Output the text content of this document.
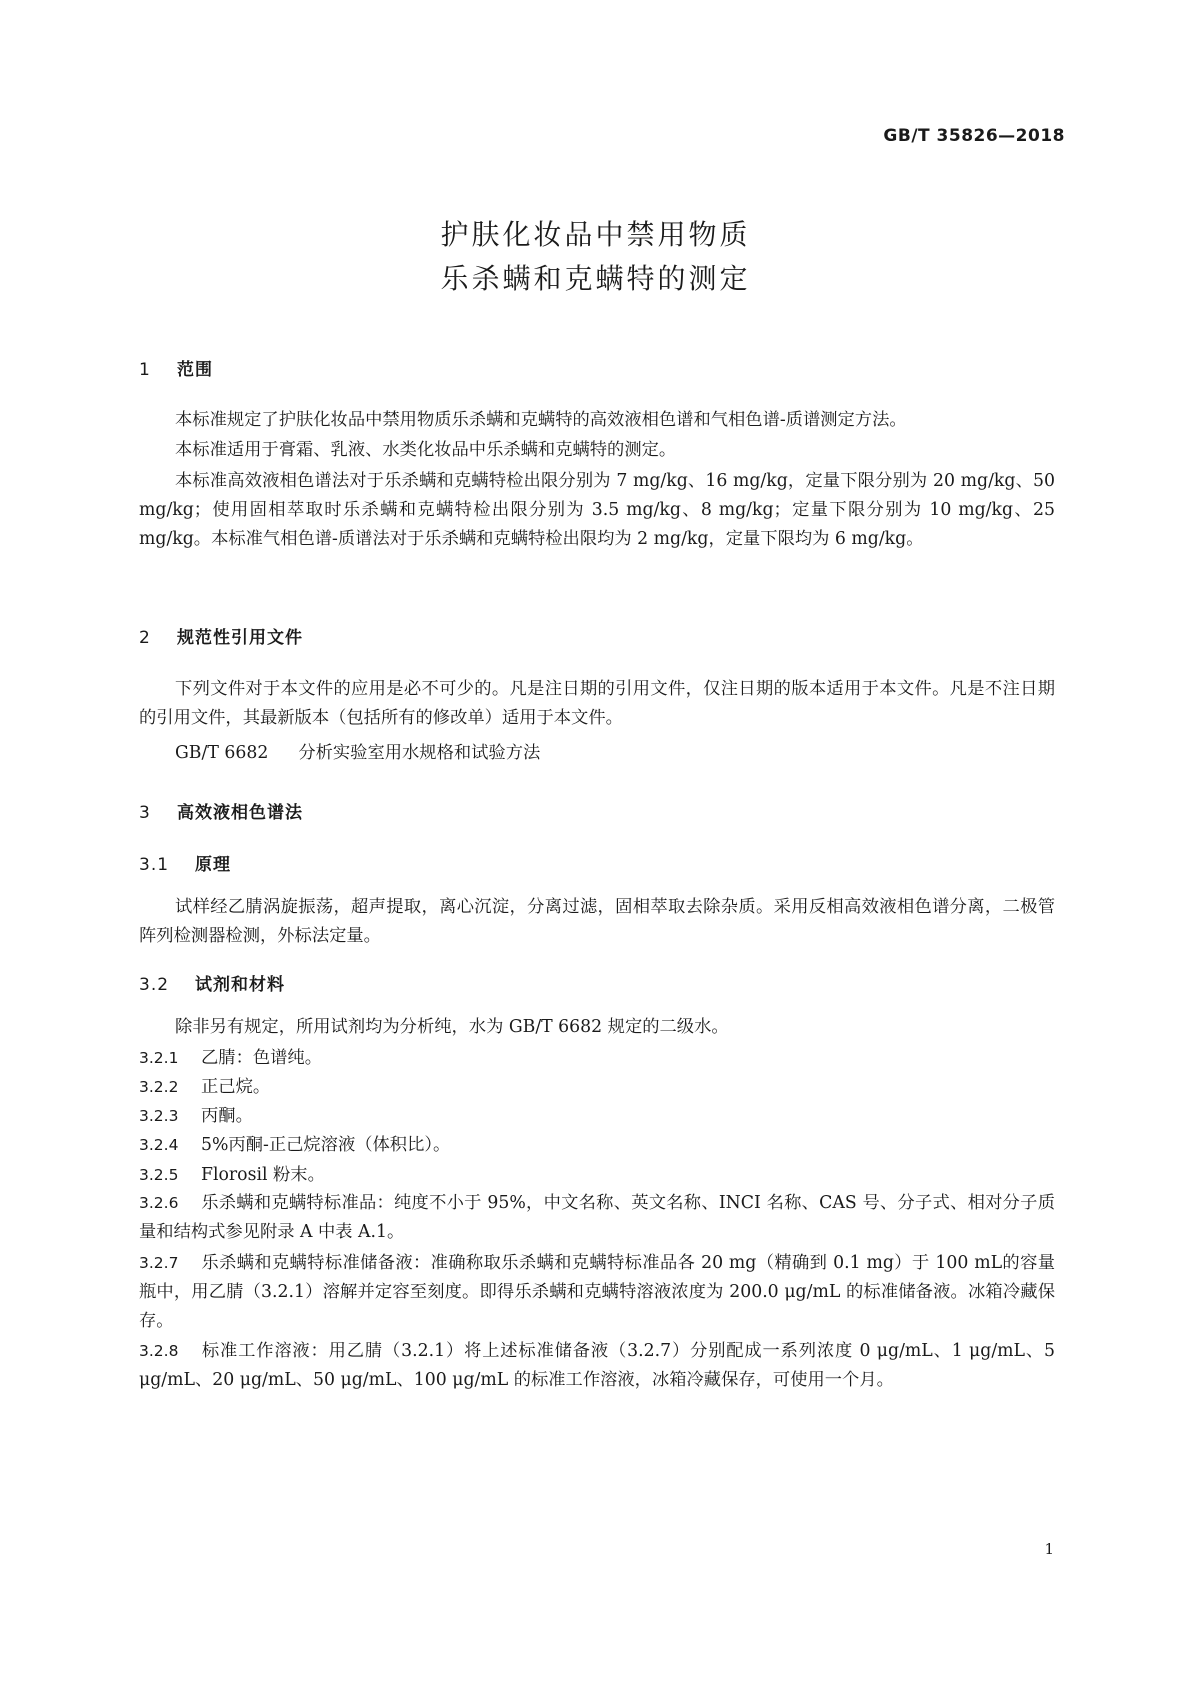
GB/T 35826—2018
护肤化妆品中禁用物质
乐杀螨和克螨特的测定
1 范围
本标准规定了护肤化妆品中禁用物质乐杀螨和克螨特的高效液相色谱和气相色谱-质谱测定方法。
本标准适用于膏霜、乳液、水类化妆品中乐杀螨和克螨特的测定。
本标准高效液相色谱法对于乐杀螨和克螨特检出限分别为 7 mg/kg、16 mg/kg，定量下限分别为 20 mg/kg、50 mg/kg；使用固相萃取时乐杀螨和克螨特检出限分别为 3.5 mg/kg、8 mg/kg；定量下限分别为 10 mg/kg、25 mg/kg。本标准气相色谱-质谱法对于乐杀螨和克螨特检出限均为 2 mg/kg，定量下限均为 6 mg/kg。
2 规范性引用文件
下列文件对于本文件的应用是必不可少的。凡是注日期的引用文件，仅注日期的版本适用于本文件。凡是不注日期的引用文件，其最新版本（包括所有的修改单）适用于本文件。
GB/T 6682 分析实验室用水规格和试验方法
3 高效液相色谱法
3.1 原理
试样经乙腈涡旋振荡，超声提取，离心沉淀，分离过滤，固相萃取去除杂质。采用反相高效液相色谱分离，二极管阵列检测器检测，外标法定量。
3.2 试剂和材料
除非另有规定，所用试剂均为分析纯，水为 GB/T 6682 规定的二级水。
3.2.1 乙腈：色谱纯。
3.2.2 正己烷。
3.2.3 丙酮。
3.2.4 5%丙酮-正己烷溶液（体积比）。
3.2.5 Florosil 粉末。
3.2.6 乐杀螨和克螨特标准品：纯度不小于 95%，中文名称、英文名称、INCI 名称、CAS 号、分子式、相对分子质量和结构式参见附录 A 中表 A.1。
3.2.7 乐杀螨和克螨特标准储备液：准确称取乐杀螨和克螨特标准品各 20 mg（精确到 0.1 mg）于 100 mL的容量瓶中，用乙腈（3.2.1）溶解并定容至刻度。即得乐杀螨和克螨特溶液浓度为 200.0 μg/mL 的标准储备液。冰箱冷藏保存。
3.2.8 标准工作溶液：用乙腈（3.2.1）将上述标准储备液（3.2.7）分别配成一系列浓度 0 μg/mL、1 μg/mL、5 μg/mL、20 μg/mL、50 μg/mL、100 μg/mL 的标准工作溶液，冰箱冷藏保存，可使用一个月。
1
